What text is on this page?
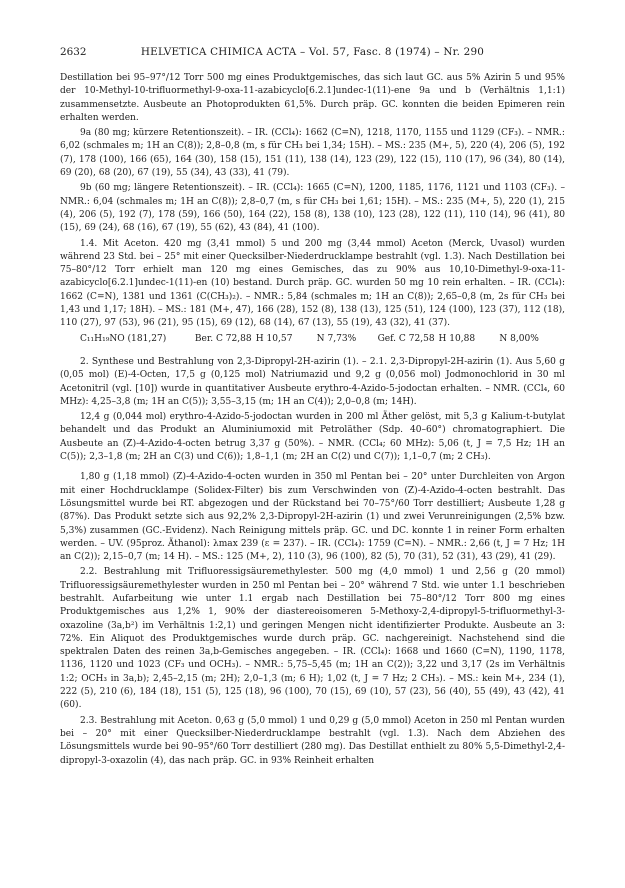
2632	HELVETICA CHIMICA ACTA – Vol. 57, Fasc. 8 (1974) – Nr. 290

Destillation bei 95–97°/12 Torr 500 mg eines Produktgemisches, das sich laut GC. aus 5% Azirin 5 und 95% der 10-Methyl-10-trifluormethyl-9-oxa-11-azabicyclo[6.2.1]undec-1(11)-ene 9a und b (Verhältnis 1,1:1) zusammensetzte. Ausbeute an Photoprodukten 61,5%. Durch präp. GC. konnten die beiden Epimeren rein erhalten werden.

9a (80 mg; kürzere Retentionszeit). – IR. (CCl₄): 1662 (C=N), 1218, 1170, 1155 und 1129 (CF₃). – NMR.: 6,02 (schmales m; 1H an C(8)); 2,8–0,8 (m, s für CH₃ bei 1,34; 15H). – MS.: 235 (M+, 5), 220 (4), 206 (5), 192 (7), 178 (100), 166 (65), 164 (30), 158 (15), 151 (11), 138 (14), 123 (29), 122 (15), 110 (17), 96 (34), 80 (14), 69 (20), 68 (20), 67 (19), 55 (34), 43 (33), 41 (79).

9b (60 mg; längere Retentionszeit). – IR. (CCl₄): 1665 (C=N), 1200, 1185, 1176, 1121 und 1103 (CF₃). – NMR.: 6,04 (schmales m; 1H an C(8)); 2,8–0,7 (m, s für CH₃ bei 1,61; 15H). – MS.: 235 (M+, 5), 220 (1), 215 (4), 206 (5), 192 (7), 178 (59), 166 (50), 164 (22), 158 (8), 138 (10), 123 (28), 122 (11), 110 (14), 96 (41), 80 (15), 69 (24), 68 (16), 67 (19), 55 (62), 43 (84), 41 (100).

1.4. Mit Aceton. 420 mg (3,41 mmol) 5 und 200 mg (3,44 mmol) Aceton (Merck, Uvasol) wurden während 23 Std. bei – 25° mit einer Quecksilber-Niederdrucklampe bestrahlt (vgl. 1.3). Nach Destillation bei 75–80°/12 Torr erhielt man 120 mg eines Gemisches, das zu 90% aus 10,10-Dimethyl-9-oxa-11-azabicyclo[6.2.1]undec-1(11)-en (10) bestand. Durch präp. GC. wurden 50 mg 10 rein erhalten. – IR. (CCl₄): 1662 (C=N), 1381 und 1361 (C(CH₃)₂). – NMR.: 5,84 (schmales m; 1H an C(8)); 2,65–0,8 (m, 2s für CH₃ bei 1,43 und 1,17; 18H). – MS.: 181 (M+, 47), 166 (28), 152 (8), 138 (13), 125 (51), 124 (100), 123 (37), 112 (18), 110 (27), 97 (53), 96 (21), 95 (15), 69 (12), 68 (14), 67 (13), 55 (19), 43 (32), 41 (37).

C₁₁H₁₉NO (181,27)	Ber. C 72,88 H 10,57	N 7,73% Gef. C 72,58 H 10,88	N 8,00%

2. Synthese und Bestrahlung von 2,3-Dipropyl-2H-azirin (1). – 2.1. 2,3-Dipropyl-2H-azirin (1). Aus 5,60 g (0,05 mol) (E)-4-Octen, 17,5 g (0,125 mol) Natriumazid und 9,2 g (0,056 mol) Jodmonochlorid in 30 ml Acetonitril (vgl. [10]) wurde in quantitativer Ausbeute erythro-4-Azido-5-jodoctan erhalten. – NMR. (CCl₄, 60 MHz): 4,25–3,8 (m; 1H an C(5)); 3,55–3,15 (m; 1H an C(4)); 2,0–0,8 (m; 14H).

12,4 g (0,044 mol) erythro-4-Azido-5-jodoctan wurden in 200 ml Äther gelöst, mit 5,3 g Kalium-t-butylat behandelt und das Produkt an Aluminiumoxid mit Petroläther (Sdp. 40–60°) chromatographiert. Die Ausbeute an (Z)-4-Azido-4-octen betrug 3,37 g (50%). – NMR. (CCl₄; 60 MHz): 5,06 (t, J = 7,5 Hz; 1H an C(5)); 2,3–1,8 (m; 2H an C(3) und C(6)); 1,8–1,1 (m; 2H an C(2) und C(7)); 1,1–0,7 (m; 2 CH₃).

1,80 g (1,18 mmol) (Z)-4-Azido-4-octen wurden in 350 ml Pentan bei – 20° unter Durchleiten von Argon mit einer Hochdrucklampe (Solidex-Filter) bis zum Verschwinden von (Z)-4-Azido-4-octen bestrahlt. Das Lösungsmittel wurde bei RT. abgezogen und der Rückstand bei 70–75°/60 Torr destilliert; Ausbeute 1,28 g (87%). Das Produkt setzte sich aus 92,2% 2,3-Dipropyl-2H-azirin (1) und zwei Verunreinigungen (2,5% bzw. 5,3%) zusammen (GC.-Evidenz). Nach Reinigung mittels präp. GC. und DC. konnte 1 in reiner Form erhalten werden. – UV. (95proz. Äthanol): λmax 239 (ε = 237). – IR. (CCl₄): 1759 (C=N). – NMR.: 2,66 (t, J = 7 Hz; 1H an C(2)); 2,15–0,7 (m; 14 H). – MS.: 125 (M+, 2), 110 (3), 96 (100), 82 (5), 70 (31), 52 (31), 43 (29), 41 (29).

2.2. Bestrahlung mit Trifluoressigsäuremethylester. 500 mg (4,0 mmol) 1 und 2,56 g (20 mmol) Trifluoressigsäuremethylester wurden in 250 ml Pentan bei – 20° während 7 Std. wie unter 1.1 beschrieben bestrahlt. Aufarbeitung wie unter 1.1 ergab nach Destillation bei 75–80°/12 Torr 800 mg eines Produktgemisches aus 1,2% 1, 90% der diastereoisomeren 5-Methoxy-2,4-dipropyl-5-trifluormethyl-3-oxazoline (3a,b²) im Verhältnis 1:2,1) und geringen Mengen nicht identifizierter Produkte. Ausbeute an 3: 72%. Ein Aliquot des Produktgemisches wurde durch präp. GC. nachgereinigt. Nachstehend sind die spektralen Daten des reinen 3a,b-Gemisches angegeben. – IR. (CCl₄): 1668 und 1660 (C=N), 1190, 1178, 1136, 1120 und 1023 (CF₃ und OCH₃). – NMR.: 5,75–5,45 (m; 1H an C(2)); 3,22 und 3,17 (2s im Verhältnis 1:2; OCH₃ in 3a,b); 2,45–2,15 (m; 2H); 2,0–1,3 (m; 6 H); 1,02 (t, J = 7 Hz; 2 CH₃). – MS.: kein M+, 234 (1), 222 (5), 210 (6), 184 (18), 151 (5), 125 (18), 96 (100), 70 (15), 69 (10), 57 (23), 56 (40), 55 (49), 43 (42), 41 (60).

2.3. Bestrahlung mit Aceton. 0,63 g (5,0 mmol) 1 und 0,29 g (5,0 mmol) Aceton in 250 ml Pentan wurden bei – 20° mit einer Quecksilber-Niederdrucklampe bestrahlt (vgl. 1.3). Nach dem Abziehen des Lösungsmittels wurde bei 90–95°/60 Torr destilliert (280 mg). Das Destillat enthielt zu 80% 5,5-Dimethyl-2,4-dipropyl-3-oxazolin (4), das nach präp. GC. in 93% Reinheit erhalten
